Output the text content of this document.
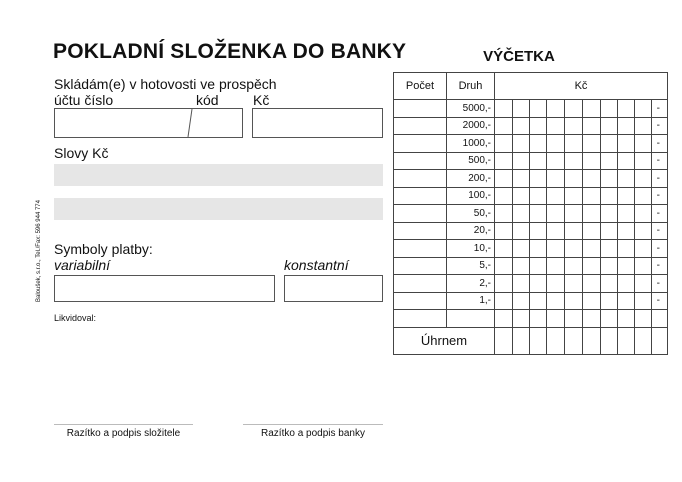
POKLADNÍ SLOŽENKA DO BANKY
Skládám(e) v hotovosti ve prospěch
účtu číslo	kód Kč
Slovy Kč
Symboly platby:
variabilní	konstantní
Likvidoval:
Baloušek, s.r.o., Tel./Fax: 596 944 774
Razítko a podpis složitele	Razítko a podpis banky
VÝČETKA
Počet	Druh	Kč									
	5000,-										-
	2000,-										-
	1000,-										-
	500,-										-
	200,-										-
	100,-										-
	50,-										-
	20,-										-
	10,-										-
	5,-										-
	2,-										-
	1,-										-

Úhrnem											
